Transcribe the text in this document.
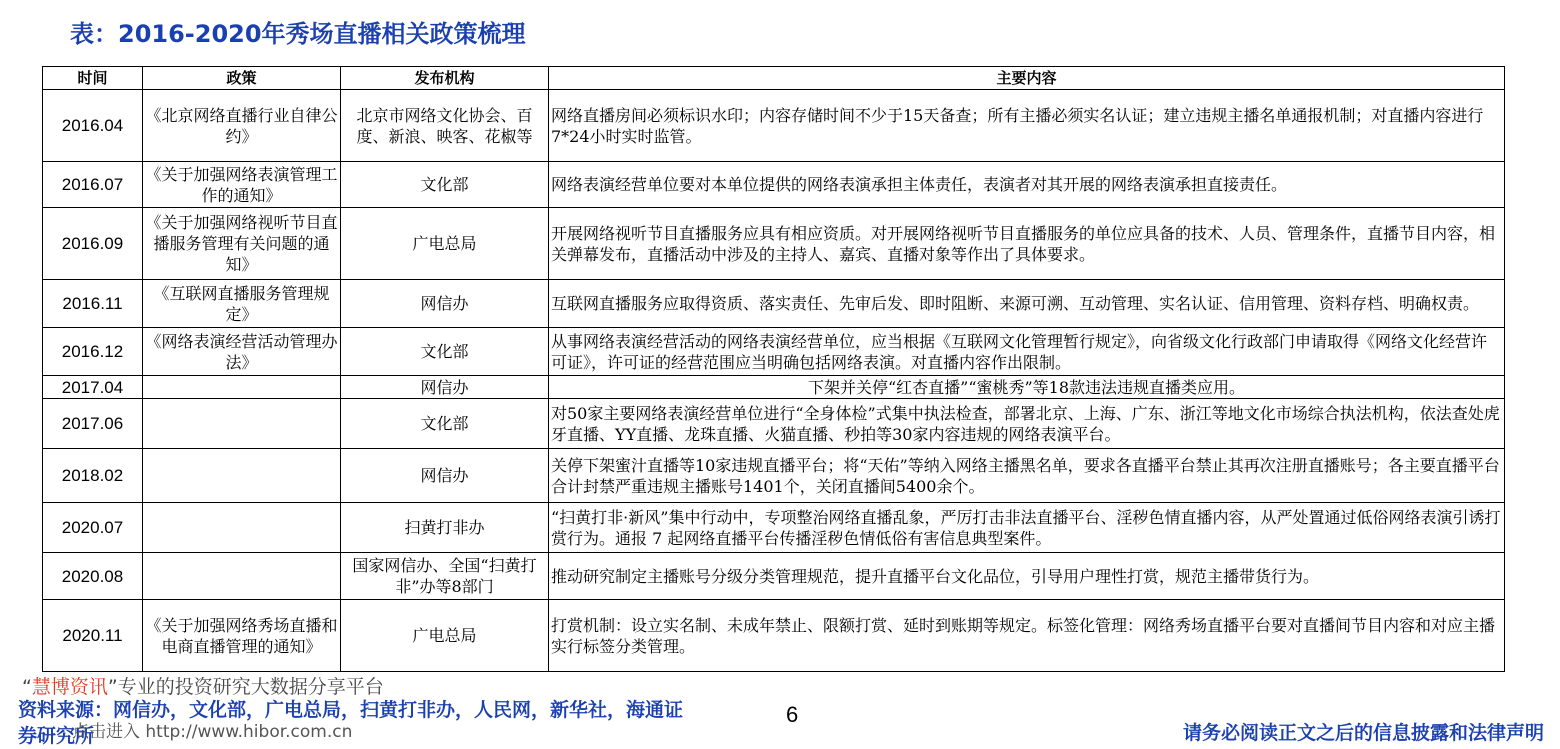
表：2016-2020年秀场直播相关政策梳理
时间	政策	发布机构	主要内容
2016.04	《北京网络直播行业自律公约》	北京市网络文化协会、百度、新浪、映客、花椒等	网络直播房间必须标识水印；内容存储时间不少于15天备查；所有主播必须实名认证；建立违规主播名单通报机制；对直播内容进行7*24小时实时监管。
2016.07	《关于加强网络表演管理工作的通知》	文化部	网络表演经营单位要对本单位提供的网络表演承担主体责任，表演者对其开展的网络表演承担直接责任。
2016.09	《关于加强网络视听节目直播服务管理有关问题的通知》	广电总局	开展网络视听节目直播服务应具有相应资质。对开展网络视听节目直播服务的单位应具备的技术、人员、管理条件，直播节目内容，相关弹幕发布，直播活动中涉及的主持人、嘉宾、直播对象等作出了具体要求。
2016.11	《互联网直播服务管理规定》	网信办	互联网直播服务应取得资质、落实责任、先审后发、即时阻断、来源可溯、互动管理、实名认证、信用管理、资料存档、明确权责。
2016.12	《网络表演经营活动管理办法》	文化部	从事网络表演经营活动的网络表演经营单位，应当根据《互联网文化管理暂行规定》，向省级文化行政部门申请取得《网络文化经营许可证》，许可证的经营范围应当明确包括网络表演。对直播内容作出限制。
2017.04		网信办	下架并关停“红杏直播”“蜜桃秀”等18款违法违规直播类应用。
2017.06		文化部	对50家主要网络表演经营单位进行“全身体检”式集中执法检查，部署北京、上海、广东、浙江等地文化市场综合执法机构，依法查处虎牙直播、YY直播、龙珠直播、火猫直播、秒拍等30家内容违规的网络表演平台。
2018.02		网信办	关停下架蜜汁直播等10家违规直播平台；将“天佑”等纳入网络主播黑名单，要求各直播平台禁止其再次注册直播账号；各主要直播平台合计封禁严重违规主播账号1401个，关闭直播间5400余个。
2020.07		扫黄打非办	“扫黄打非·新风”集中行动中，专项整治网络直播乱象，严厉打击非法直播平台、淫秽色情直播内容，从严处置通过低俗网络表演引诱打赏行为。通报 7 起网络直播平台传播淫秽色情低俗有害信息典型案件。
2020.08		国家网信办、全国“扫黄打非”办等8部门	推动研究制定主播账号分级分类管理规范，提升直播平台文化品位，引导用户理性打赏，规范主播带货行为。
2020.11	《关于加强网络秀场直播和电商直播管理的通知》	广电总局	打赏机制：设立实名制、未成年禁止、限额打赏、延时到账期等规定。标签化管理：网络秀场直播平台要对直播间节目内容和对应主播实行标签分类管理。
“慧博资讯”专业的投资研究大数据分享平台
资料来源：网信办，文化部，广电总局，扫黄打非办，人民网，新华社，海通证券研究所
点击进入 http://www.hibor.com.cn
6
请务必阅读正文之后的信息披露和法律声明
